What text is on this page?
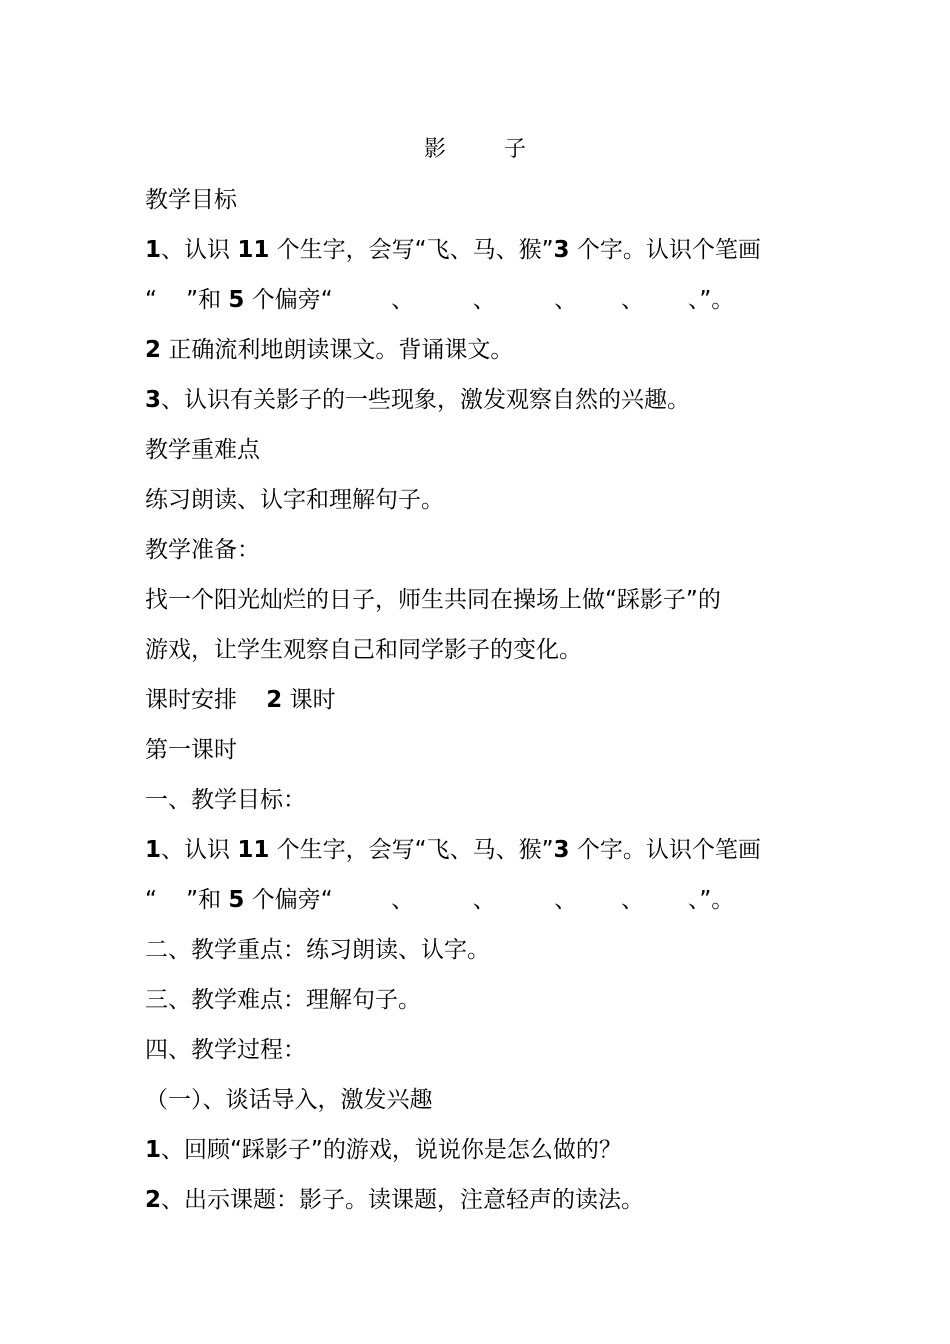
影	子
教学目标
1、认识 11 个生字，会写“飞、马、猴”3 个字。认识个笔画
“    ”和 5 个偏旁“        、        、        、      、      、”。
2 正确流利地朗读课文。背诵课文。
3、认识有关影子的一些现象，激发观察自然的兴趣。
教学重难点
练习朗读、认字和理解句子。
教学准备：
找一个阳光灿烂的日子，师生共同在操场上做“踩影子”的
游戏，让学生观察自己和同学影子的变化。
课时安排    2 课时
第一课时
一、教学目标：
1、认识 11 个生字，会写“飞、马、猴”3 个字。认识个笔画
“    ”和 5 个偏旁“        、        、        、      、      、”。
二、教学重点：练习朗读、认字。
三、教学难点：理解句子。
四、教学过程：
（一）、谈话导入，激发兴趣
1、回顾“踩影子”的游戏，说说你是怎么做的？
2、出示课题：影子。读课题，注意轻声的读法。
